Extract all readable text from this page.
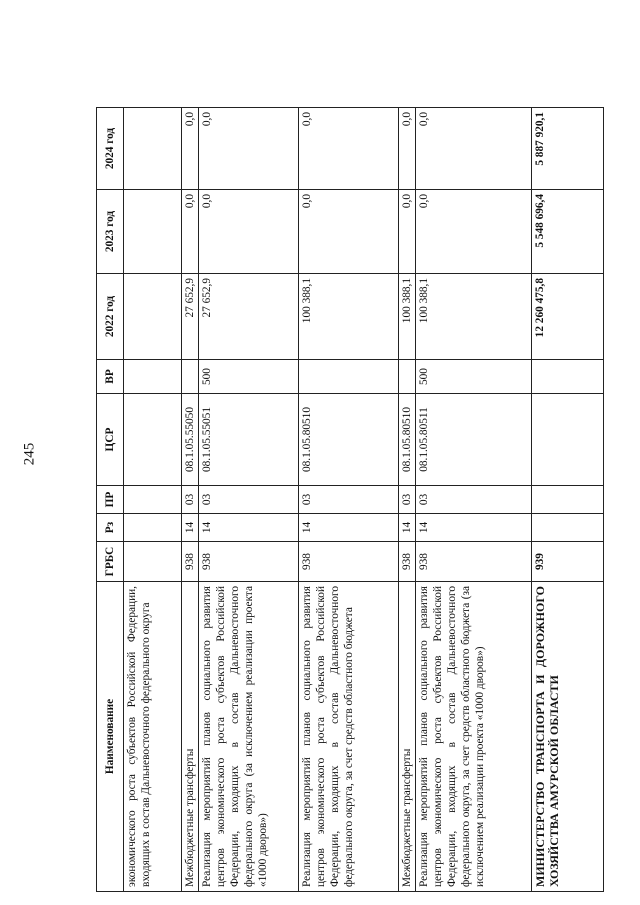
245
Наименование	ГРБС	Рз	ПР	ЦСР	ВР	2022 год	2023 год	2024 год
экономического роста субъектов Российской Федерации, входящих в состав Дальневосточного федерального округа								
Межбюджетные трансферты	938	14	03	08.1.05.55050		27 652,9	0,0	0,0
Реализация мероприятий планов социального развития центров экономического роста субъектов Российской Федерации, входящих в состав Дальневосточного федерального округа (за исключением реализации проекта «1000 дворов»)	938	14	03	08.1.05.55051	500	27 652,9	0,0	0,0
Реализация мероприятий планов социального развития центров экономического роста субъектов Российской Федерации, входящих в состав Дальневосточного федерального округа, за счет средств областного бюджета	938	14	03	08.1.05.80510		100 388,1	0,0	0,0
Межбюджетные трансферты	938	14	03	08.1.05.80510		100 388,1	0,0	0,0
Реализация мероприятий планов социального развития центров экономического роста субъектов Российской Федерации, входящих в состав Дальневосточного федерального округа, за счет средств областного бюджета (за исключением реализации проекта «1000 дворов»)	938	14	03	08.1.05.80511	500	100 388,1	0,0	0,0
МИНИСТЕРСТВО ТРАНСПОРТА И ДОРОЖНОГО ХОЗЯЙСТВА АМУРСКОЙ ОБЛАСТИ	939					12 260 475,8	5 548 696,4	5 887 920,1
